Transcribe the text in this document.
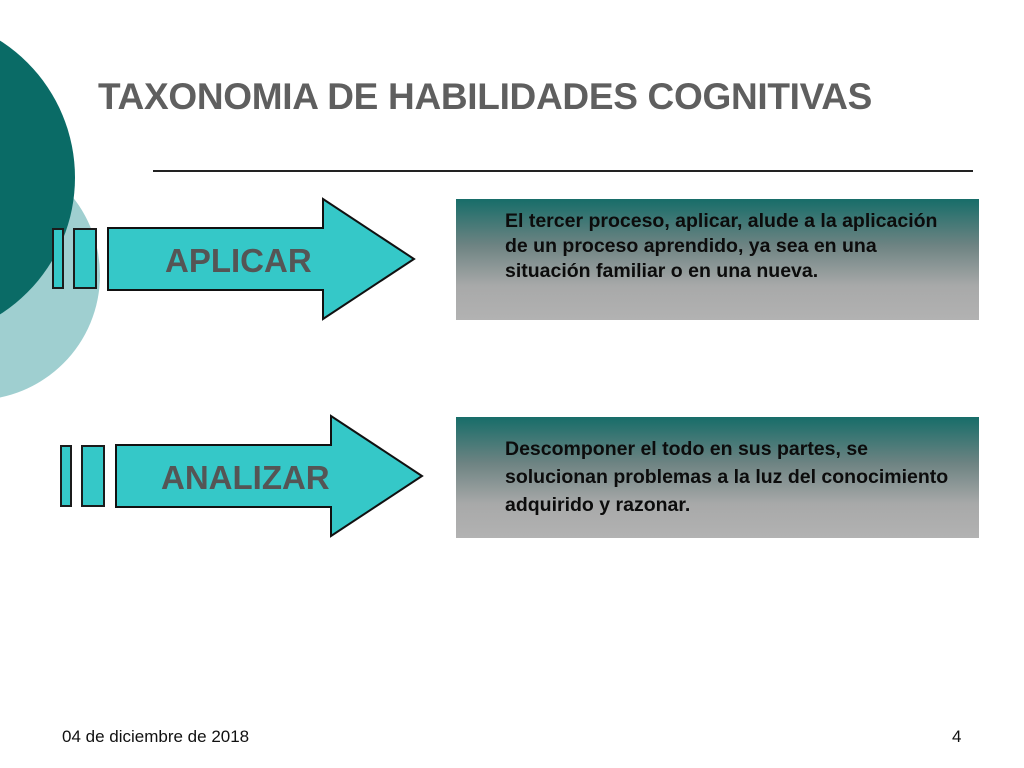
TAXONOMIA DE HABILIDADES COGNITIVAS
APLICAR
El tercer proceso, aplicar, alude a la aplicación de un proceso aprendido, ya sea en una situación familiar o en una nueva.
ANALIZAR
Descomponer el todo en sus partes, se solucionan problemas a la luz del conocimiento adquirido y razonar.
04 de diciembre de 2018	4
